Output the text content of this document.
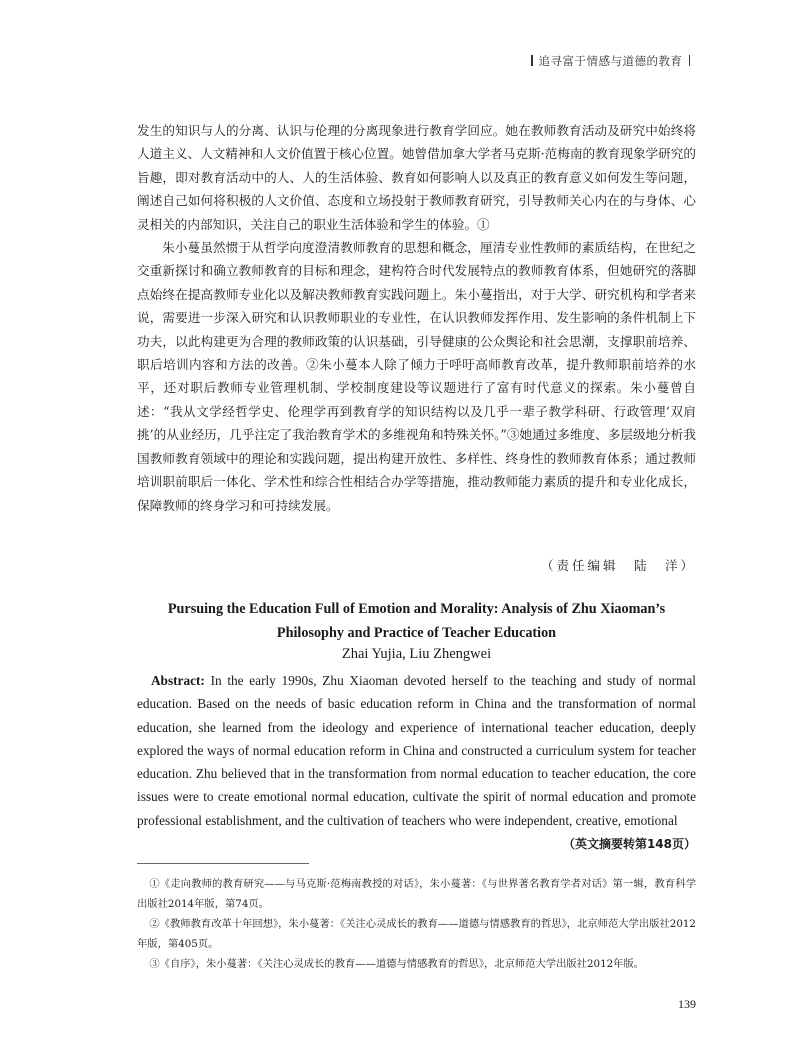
追寻富于情感与道德的教育

发生的知识与人的分离、认识与伦理的分离现象进行教育学回应。她在教师教育活动及研究中始终将人道主义、人文精神和人文价值置于核心位置。她曾借加拿大学者马克斯·范梅南的教育现象学研究的旨趣，即对教育活动中的人、人的生活体验、教育如何影响人以及真正的教育意义如何发生等问题，阐述自己如何将积极的人文价值、态度和立场投射于教师教育研究，引导教师关心内在的与身体、心灵相关的内部知识，关注自己的职业生活体验和学生的体验。①

朱小蔓虽然惯于从哲学向度澄清教师教育的思想和概念，厘清专业性教师的素质结构，在世纪之交重新探讨和确立教师教育的目标和理念，建构符合时代发展特点的教师教育体系，但她研究的落脚点始终在提高教师专业化以及解决教师教育实践问题上。朱小蔓指出，对于大学、研究机构和学者来说，需要进一步深入研究和认识教师职业的专业性，在认识教师发挥作用、发生影响的条件机制上下功夫，以此构建更为合理的教师政策的认识基础，引导健康的公众舆论和社会思潮，支撑职前培养、职后培训内容和方法的改善。②朱小蔓本人除了倾力于呼吁高师教育改革，提升教师职前培养的水平，还对职后教师专业管理机制、学校制度建设等议题进行了富有时代意义的探索。朱小蔓曾自述：“我从文学经哲学史、伦理学再到教育学的知识结构以及几乎一辈子教学科研、行政管理‘双肩挑’的从业经历，几乎注定了我治教育学术的多维视角和特殊关怀。”③她通过多维度、多层级地分析我国教师教育领域中的理论和实践问题，提出构建开放性、多样性、终身性的教师教育体系；通过教师培训职前职后一体化、学术性和综合性相结合办学等措施，推动教师能力素质的提升和专业化成长，保障教师的终身学习和可持续发展。

（责任编辑　陆　洋）
Pursuing the Education Full of Emotion and Morality: Analysis of Zhu Xiaoman’s Philosophy and Practice of Teacher Education
Zhai Yujia, Liu Zhengwei

Abstract: In the early 1990s, Zhu Xiaoman devoted herself to the teaching and study of normal education. Based on the needs of basic education reform in China and the transformation of normal education, she learned from the ideology and experience of international teacher education, deeply explored the ways of normal education reform in China and constructed a curriculum system for teacher education. Zhu believed that in the transformation from normal education to teacher education, the core issues were to create emotional normal education, cultivate the spirit of normal education and promote professional establishment, and the cultivation of teachers who were independent, creative, emotional

（英文摘要转第148页）

①《走向教师的教育研究——与马克斯·范梅南教授的对话》，朱小蔓著：《与世界著名教育学者对话》第一辑，教育科学出版社2014年版，第74页。

②《教师教育改革十年回想》，朱小蔓著：《关注心灵成长的教育——道德与情感教育的哲思》，北京师范大学出版社2012年版，第405页。

③《自序》，朱小蔓著：《关注心灵成长的教育——道德与情感教育的哲思》，北京师范大学出版社2012年版。

139
